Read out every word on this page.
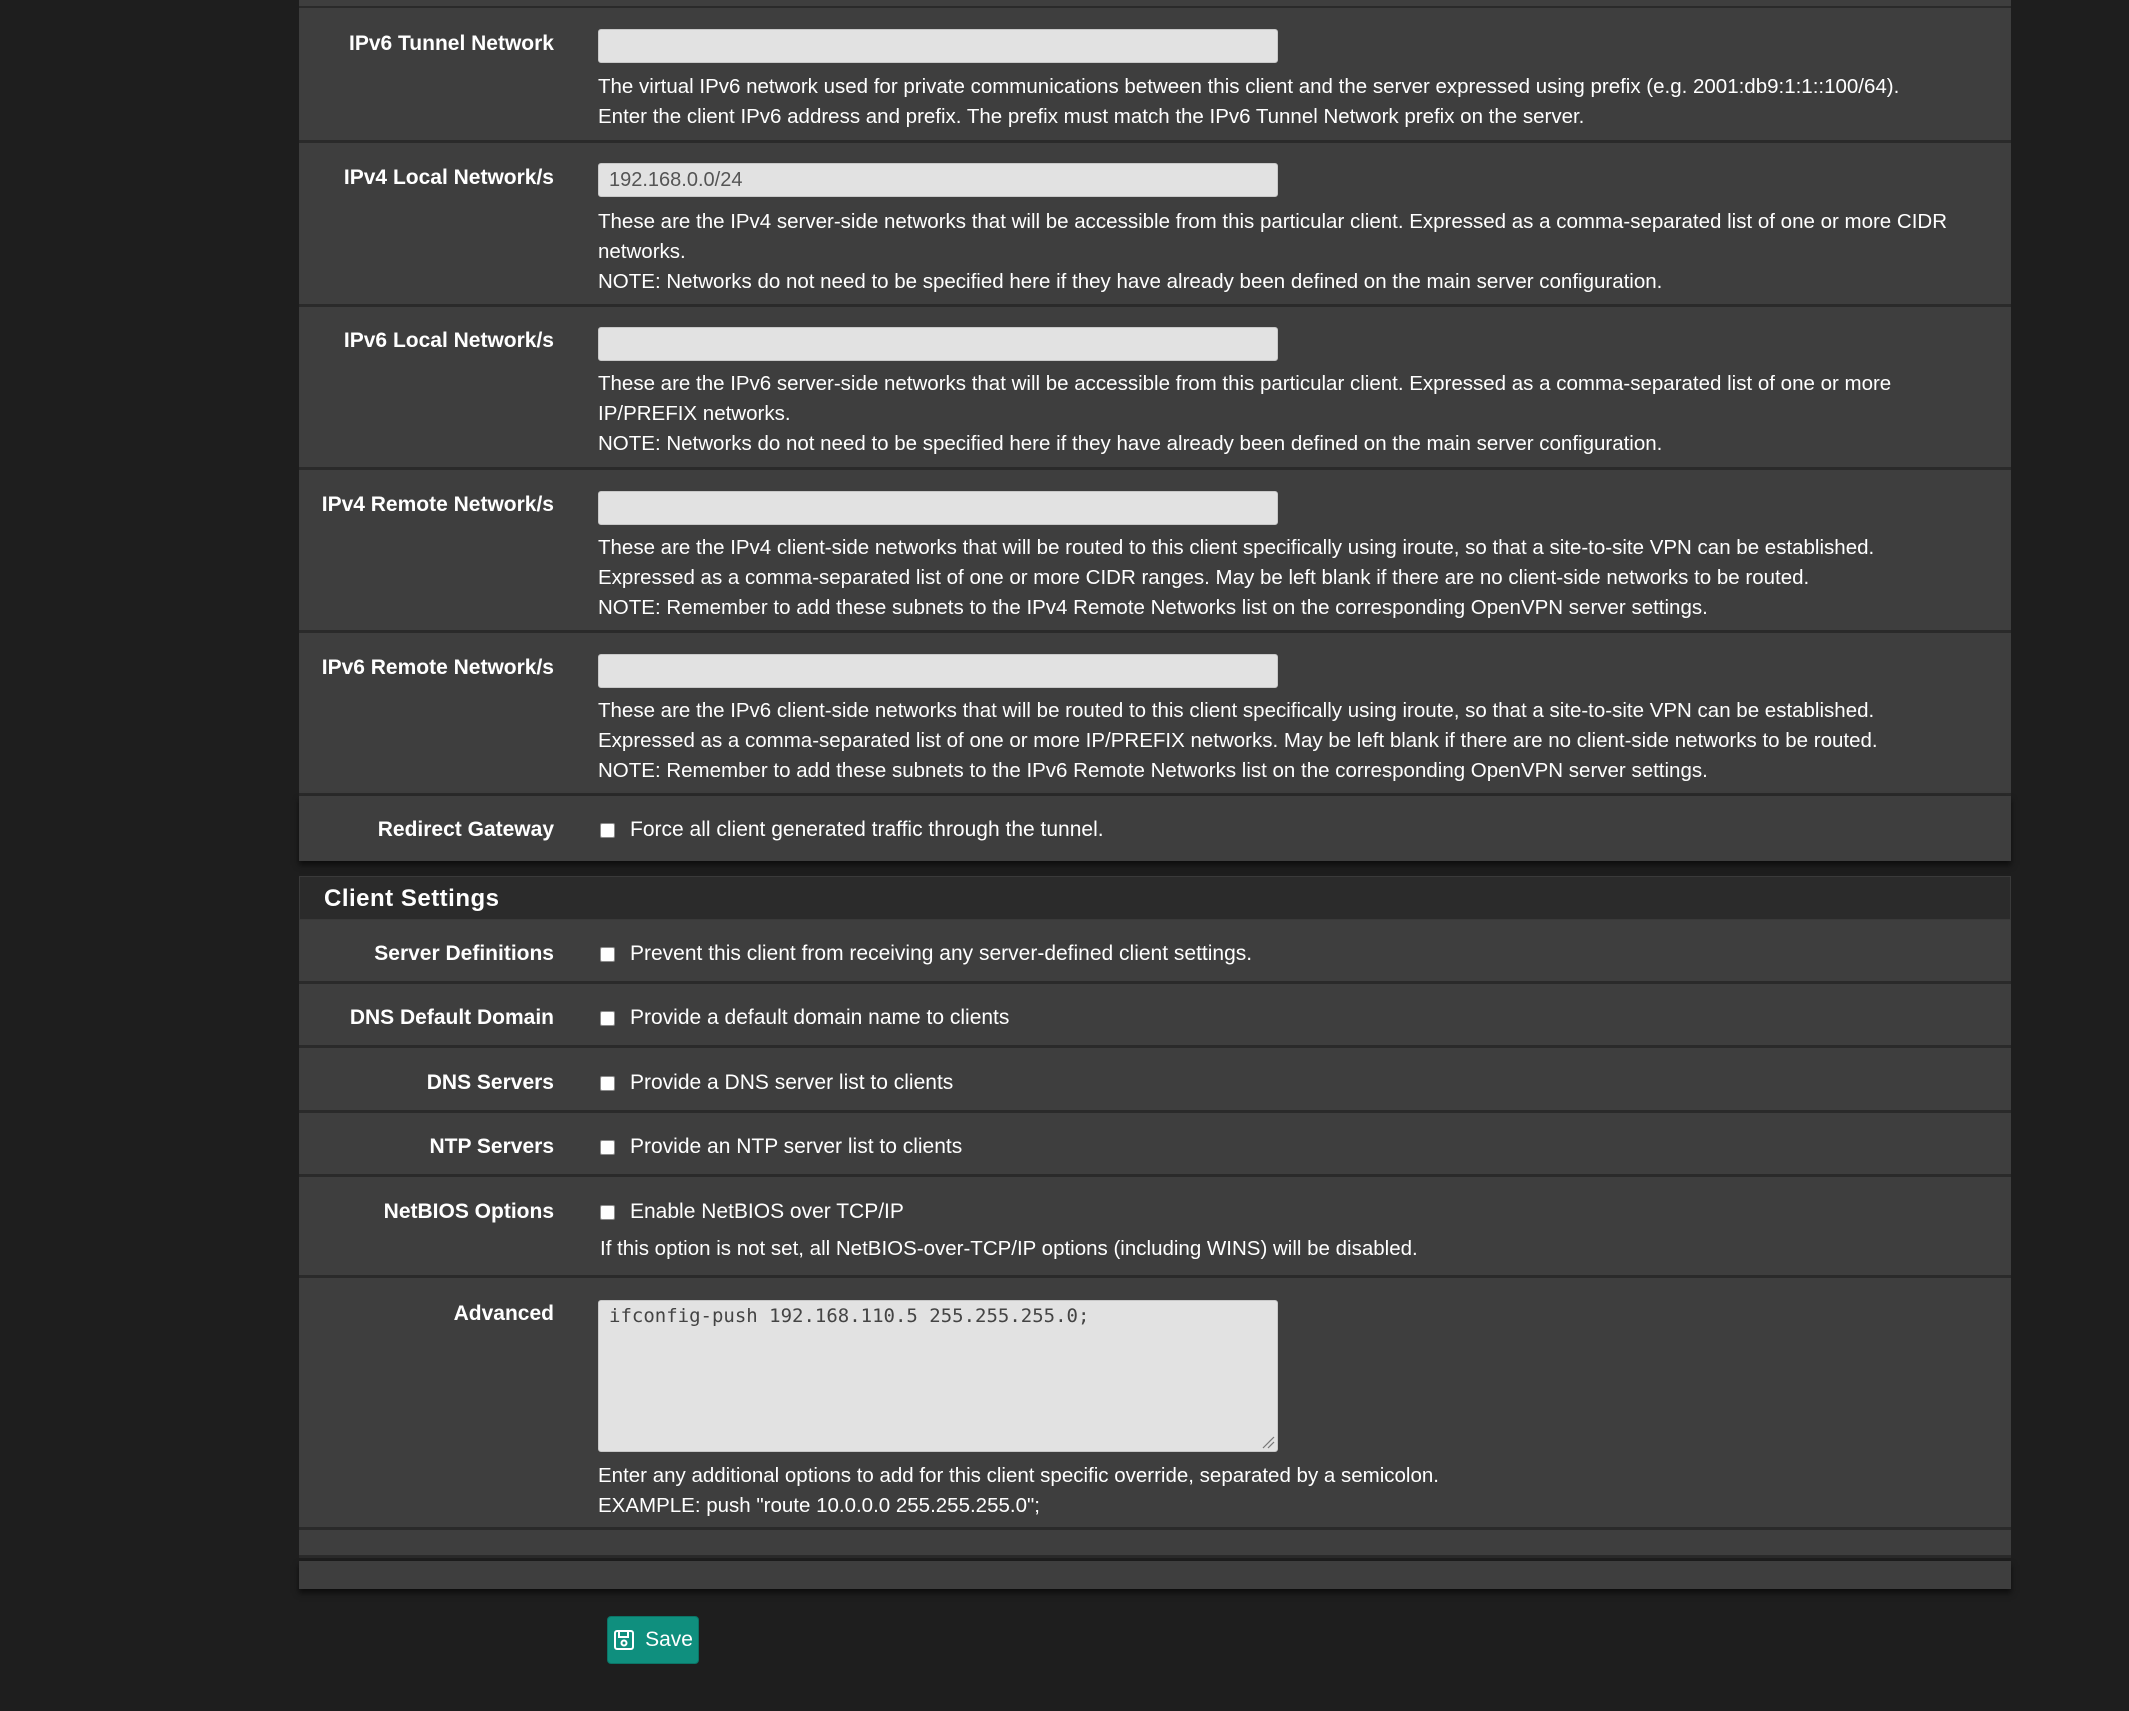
IPv6 Tunnel Network
The virtual IPv6 network used for private communications between this client and the server expressed using prefix (e.g. 2001:db9:1:1::100/64).
Enter the client IPv6 address and prefix. The prefix must match the IPv6 Tunnel Network prefix on the server.
IPv4 Local Network/s	192.168.0.0/24
These are the IPv4 server-side networks that will be accessible from this particular client. Expressed as a comma-separated list of one or more CIDR
networks.
NOTE: Networks do not need to be specified here if they have already been defined on the main server configuration.
IPv6 Local Network/s
These are the IPv6 server-side networks that will be accessible from this particular client. Expressed as a comma-separated list of one or more
IP/PREFIX networks.
NOTE: Networks do not need to be specified here if they have already been defined on the main server configuration.
IPv4 Remote Network/s
These are the IPv4 client-side networks that will be routed to this client specifically using iroute, so that a site-to-site VPN can be established.
Expressed as a comma-separated list of one or more CIDR ranges. May be left blank if there are no client-side networks to be routed.
NOTE: Remember to add these subnets to the IPv4 Remote Networks list on the corresponding OpenVPN server settings.
IPv6 Remote Network/s
These are the IPv6 client-side networks that will be routed to this client specifically using iroute, so that a site-to-site VPN can be established.
Expressed as a comma-separated list of one or more IP/PREFIX networks. May be left blank if there are no client-side networks to be routed.
NOTE: Remember to add these subnets to the IPv6 Remote Networks list on the corresponding OpenVPN server settings.
Redirect Gateway	Force all client generated traffic through the tunnel.
Client Settings
Server Definitions	Prevent this client from receiving any server-defined client settings.
DNS Default Domain	Provide a default domain name to clients
DNS Servers	Provide a DNS server list to clients
NTP Servers	Provide an NTP server list to clients
NetBIOS Options	Enable NetBIOS over TCP/IP
If this option is not set, all NetBIOS-over-TCP/IP options (including WINS) will be disabled.
Advanced	ifconfig-push 192.168.110.5 255.255.255.0;
Enter any additional options to add for this client specific override, separated by a semicolon.
EXAMPLE: push "route 10.0.0.0 255.255.255.0";
Save
